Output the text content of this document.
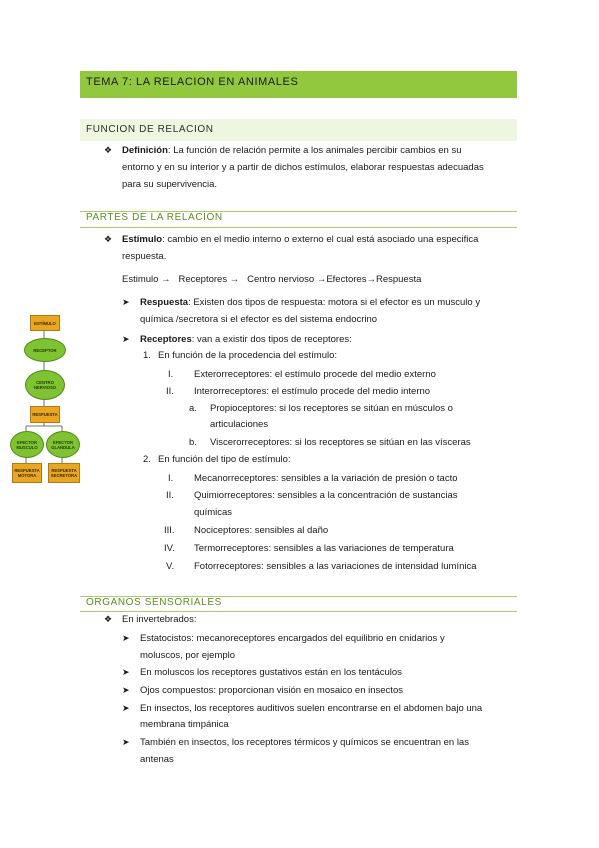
TEMA 7: LA RELACION EN ANIMALES
FUNCION DE RELACION
❖ Definición: La función de relación permite a los animales percibir cambios en su
entorno y en su interior y a partir de dichos estímulos, elaborar respuestas adecuadas
para su supervivencia.
PARTES DE LA RELACION
❖ Estímulo: cambio en el medio interno o externo el cual está asociado una especifica
respuesta.
Estimulo →   Receptores →   Centro nervioso →Efectores→Respuesta
➤ Respuesta: Existen dos tipos de respuesta: motora si el efector es un musculo y
química /secretora si el efector es del sistema endocrino
➤ Receptores: van a existir dos tipos de receptores:
1. En función de la procedencia del estímulo:
I. Exterorreceptores: el estímulo procede del medio externo
II. Interorreceptores: el estímulo procede del medio interno
a. Propioceptores: si los receptores se sitúan en músculos o
articulaciones
b. Viscerorreceptores: si los receptores se sitúan en las vísceras
2. En función del tipo de estímulo:
I. Mecanorreceptores: sensibles a la variación de presión o tacto
II. Quimiorreceptores: sensibles a la concentración de sustancias
químicas
III. Nociceptores: sensibles al daño
IV. Termorreceptores: sensibles a las variaciones de temperatura
V. Fotorreceptores: sensibles a las variaciones de intensidad lumínica
ESTÍMULO
RECEPTOR
CENTRO NERVIOSO
RESPUESTA
EFECTOR MUSCULO
EFECTOR GLANDULA
RESPUESTA MOTORA
RESPUESTA SECRETORA
ORGANOS SENSORIALES
❖ En invertebrados:
➤ Estatocistos: mecanoreceptores encargados del equilibrio en cnidarios y
moluscos, por ejemplo
➤ En moluscos los receptores gustativos están en los tentáculos
➤ Ojos compuestos: proporcionan visión en mosaico en insectos
➤ En insectos, los receptores auditivos suelen encontrarse en el abdomen bajo una
membrana timpánica
➤ También en insectos, los receptores térmicos y químicos se encuentran en las
antenas
